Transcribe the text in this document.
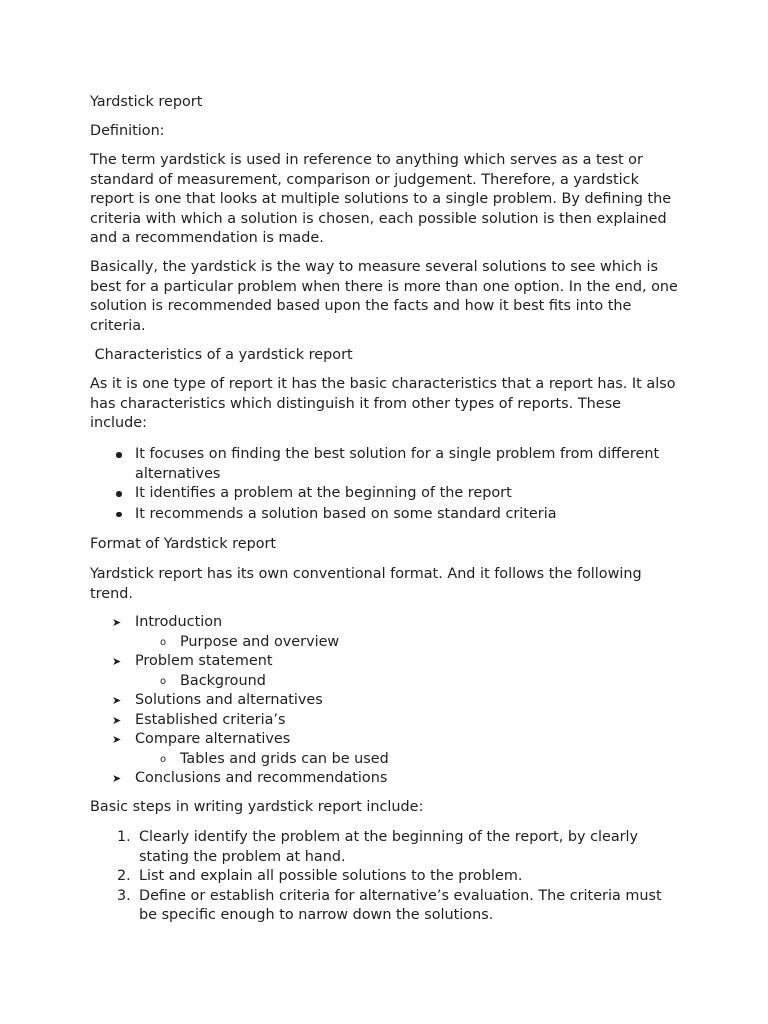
Yardstick report

Definition:

The term yardstick is used in reference to anything which serves as a test or standard of measurement, comparison or judgement. Therefore, a yardstick report is one that looks at multiple solutions to a single problem. By defining the criteria with which a solution is chosen, each possible solution is then explained and a recommendation is made.

Basically, the yardstick is the way to measure several solutions to see which is best for a particular problem when there is more than one option. In the end, one solution is recommended based upon the facts and how it best fits into the criteria.

Characteristics of a yardstick report

As it is one type of report it has the basic characteristics that a report has. It also has characteristics which distinguish it from other types of reports. These include:

It focuses on finding the best solution for a single problem from different alternatives
It identifies a problem at the beginning of the report
It recommends a solution based on some standard criteria

Format of Yardstick report

Yardstick report has its own conventional format. And it follows the following trend.

➤ Introduction
o Purpose and overview
➤ Problem statement
o Background
➤ Solutions and alternatives
➤ Established criteria’s
➤ Compare alternatives
o Tables and grids can be used
➤ Conclusions and recommendations

Basic steps in writing yardstick report include:

1. Clearly identify the problem at the beginning of the report, by clearly stating the problem at hand.
2. List and explain all possible solutions to the problem.
3. Define or establish criteria for alternative’s evaluation. The criteria must be specific enough to narrow down the solutions.
